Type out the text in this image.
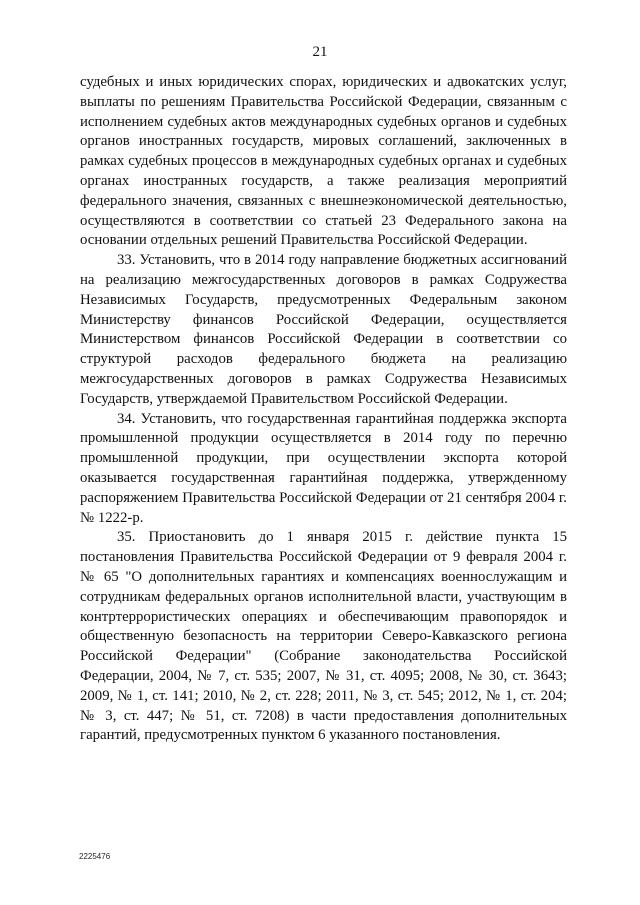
21

судебных и иных юридических спорах, юридических и адвокатских услуг, выплаты по решениям Правительства Российской Федерации, связанным с исполнением судебных актов международных судебных органов и судебных органов иностранных государств, мировых соглашений, заключенных в рамках судебных процессов в международных судебных органах и судебных органах иностранных государств, а также реализация мероприятий федерального значения, связанных с внешнеэкономической деятельностью, осуществляются в соответствии со статьей 23 Федерального закона на основании отдельных решений Правительства Российской Федерации.

33. Установить, что в 2014 году направление бюджетных ассигнований на реализацию межгосударственных договоров в рамках Содружества Независимых Государств, предусмотренных Федеральным законом Министерству финансов Российской Федерации, осуществляется Министерством финансов Российской Федерации в соответствии со структурой расходов федерального бюджета на реализацию межгосударственных договоров в рамках Содружества Независимых Государств, утверждаемой Правительством Российской Федерации.

34. Установить, что государственная гарантийная поддержка экспорта промышленной продукции осуществляется в 2014 году по перечню промышленной продукции, при осуществлении экспорта которой оказывается государственная гарантийная поддержка, утвержденному распоряжением Правительства Российской Федерации от 21 сентября 2004 г. № 1222-р.

35. Приостановить до 1 января 2015 г. действие пункта 15 постановления Правительства Российской Федерации от 9 февраля 2004 г. № 65 "О дополнительных гарантиях и компенсациях военнослужащим и сотрудникам федеральных органов исполнительной власти, участвующим в контртеррористических операциях и обеспечивающим правопорядок и общественную безопасность на территории Северо-Кавказского региона Российской Федерации" (Собрание законодательства Российской Федерации, 2004, № 7, ст. 535; 2007, № 31, ст. 4095; 2008, № 30, ст. 3643; 2009, № 1, ст. 141; 2010, № 2, ст. 228; 2011, № 3, ст. 545; 2012, № 1, ст. 204; № 3, ст. 447; № 51, ст. 7208) в части предоставления дополнительных гарантий, предусмотренных пунктом 6 указанного постановления.

2225476
